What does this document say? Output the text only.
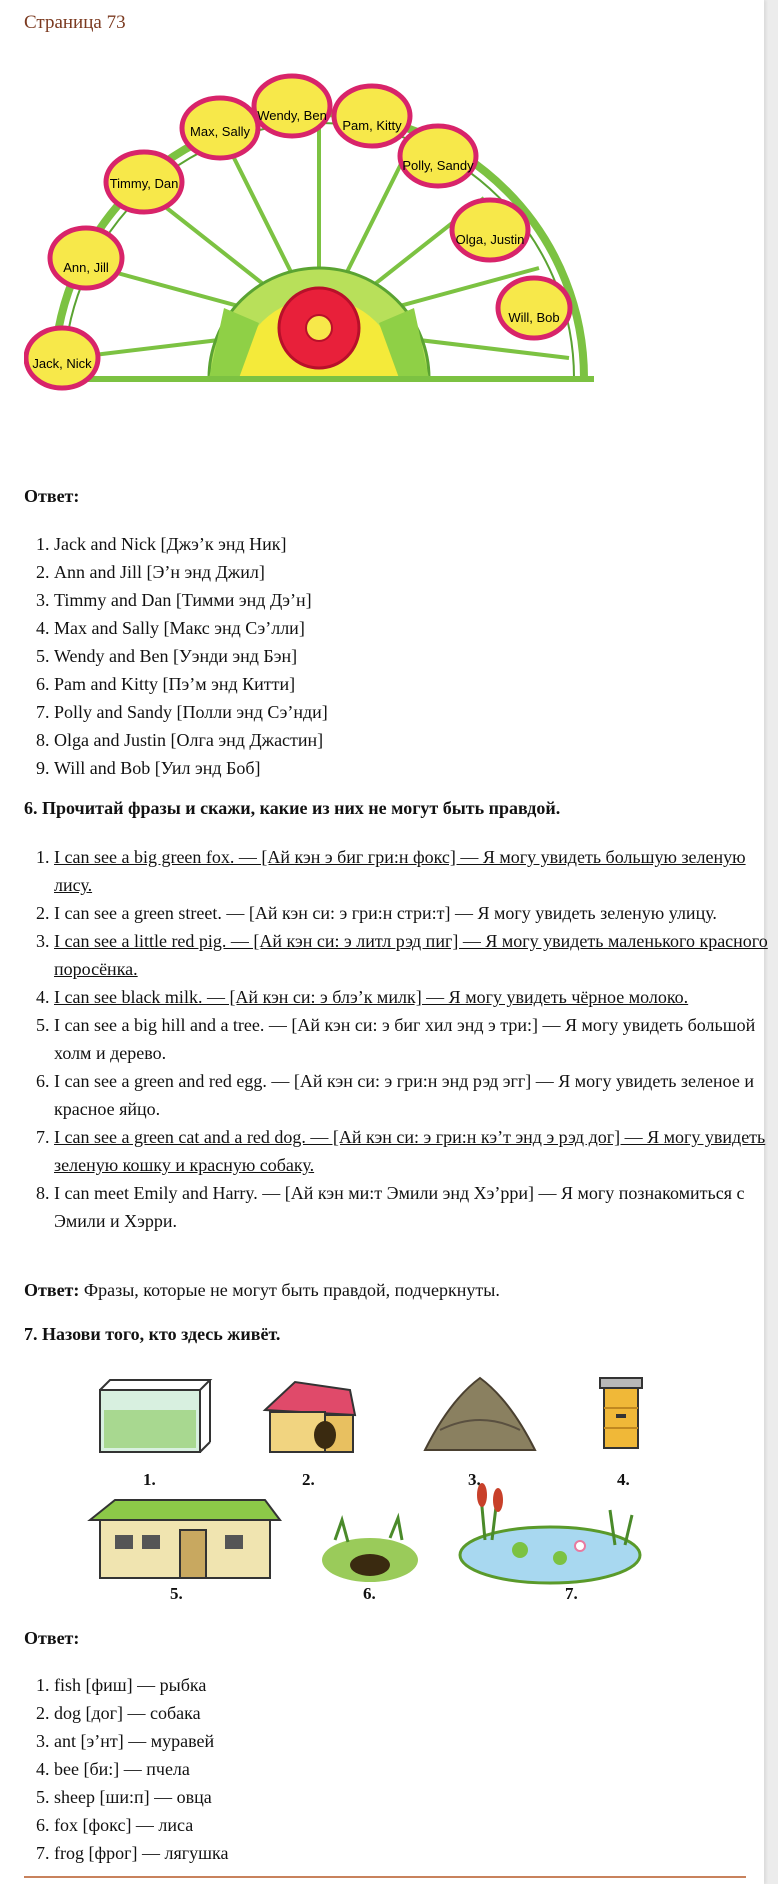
Страница 73
Jack, Nick
Ann, Jill
Timmy, Dan
Max, Sally
Wendy, Ben
Pam, Kitty
Polly, Sandy
Olga, Justin
Will, Bob
Ответ:
1. Jack and Nick [Джэ’к энд Ник]
2. Ann and Jill [Э’н энд Джил]
3. Timmy and Dan [Тимми энд Дэ’н]
4. Max and Sally [Макс энд Сэ’лли]
5. Wendy and Ben [Уэнди энд Бэн]
6. Pam and Kitty [Пэ’м энд Китти]
7. Polly and Sandy [Полли энд Сэ’нди]
8. Olga and Justin [Олга энд Джастин]
9. Will and Bob [Уил энд Боб]
6. Прочитай фразы и скажи, какие из них не могут быть правдой.
1. I can see a big green fox. — [Ай кэн э биг гри:н фокс] — Я могу увидеть большую зеленую лису.
2. I can see a green street. — [Ай кэн си: э гри:н стри:т] — Я могу увидеть зеленую улицу.
3. I can see a little red pig. — [Ай кэн си: э литл рэд пиг] — Я могу увидеть маленького красного поросёнка.
4. I can see black milk. — [Ай кэн си: э блэ’к милк] — Я могу увидеть чёрное молоко.
5. I can see a big hill and a tree. — [Ай кэн си: э биг хил энд э три:] — Я могу увидеть большой холм и дерево.
6. I can see a green and red egg. — [Ай кэн си: э гри:н энд рэд эгг] — Я могу увидеть зеленое и красное яйцо.
7. I can see a green cat and a red dog. — [Ай кэн си: э гри:н кэ’т энд э рэд дог] — Я могу увидеть зеленую кошку и красную собаку.
8. I can meet Emily and Harry. — [Ай кэн ми:т Эмили энд Хэ’рри] — Я могу познакомиться с Эмили и Хэрри.
Ответ: Фразы, которые не могут быть правдой, подчеркнуты.
7. Назови того, кто здесь живёт.
1.	2.	3.	4.
5.	6.	7.
Ответ:
1. fish [фиш] — рыбка
2. dog [дог] — собака
3. ant [э’нт] — муравей
4. bee [би:] — пчела
5. sheep [ши:п] — овца
6. fox [фокс] — лиса
7. frog [фрог] — лягушка
